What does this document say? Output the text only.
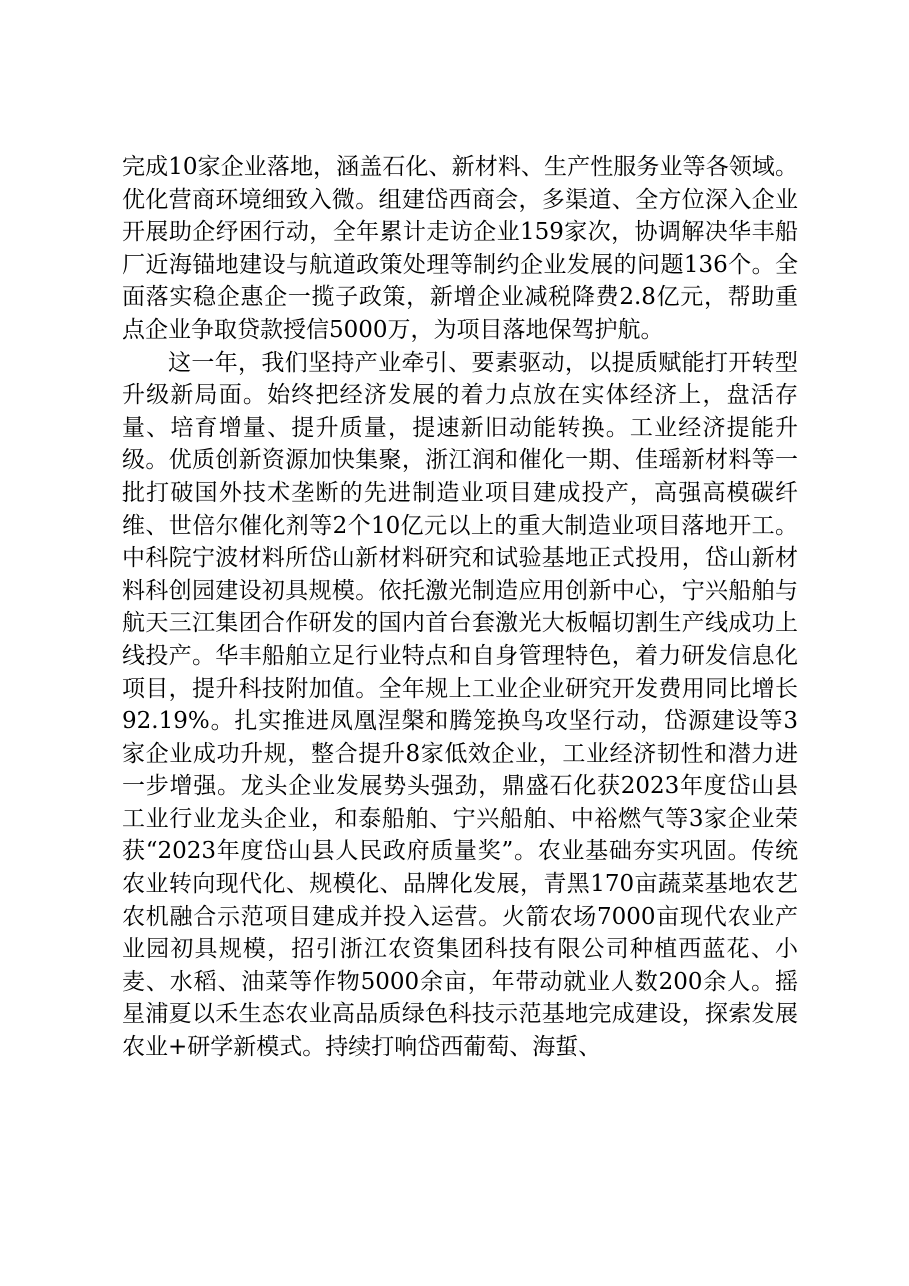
完成10家企业落地，涵盖石化、新材料、生产性服务业等各领域。优化营商环境细致入微。组建岱西商会，多渠道、全方位深入企业开展助企纾困行动，全年累计走访企业159家次，协调解决华丰船厂近海锚地建设与航道政策处理等制约企业发展的问题136个。全面落实稳企惠企一揽子政策，新增企业减税降费2.8亿元，帮助重点企业争取贷款授信5000万，为项目落地保驾护航。

这一年，我们坚持产业牵引、要素驱动，以提质赋能打开转型升级新局面。始终把经济发展的着力点放在实体经济上，盘活存量、培育增量、提升质量，提速新旧动能转换。工业经济提能升级。优质创新资源加快集聚，浙江润和催化一期、佳瑶新材料等一批打破国外技术垄断的先进制造业项目建成投产，高强高模碳纤维、世倍尔催化剂等2个10亿元以上的重大制造业项目落地开工。中科院宁波材料所岱山新材料研究和试验基地正式投用，岱山新材料科创园建设初具规模。依托激光制造应用创新中心，宁兴船舶与航天三江集团合作研发的国内首台套激光大板幅切割生产线成功上线投产。华丰船舶立足行业特点和自身管理特色，着力研发信息化项目，提升科技附加值。全年规上工业企业研究开发费用同比增长92.19%。扎实推进凤凰涅槃和腾笼换鸟攻坚行动，岱源建设等3家企业成功升规，整合提升8家低效企业，工业经济韧性和潜力进一步增强。龙头企业发展势头强劲，鼎盛石化获2023年度岱山县工业行业龙头企业，和泰船舶、宁兴船舶、中裕燃气等3家企业荣获“2023年度岱山县人民政府质量奖”。农业基础夯实巩固。传统农业转向现代化、规模化、品牌化发展，青黑170亩蔬菜基地农艺农机融合示范项目建成并投入运营。火箭农场7000亩现代农业产业园初具规模，招引浙江农资集团科技有限公司种植西蓝花、小麦、水稻、油菜等作物5000余亩，年带动就业人数200余人。摇星浦夏以禾生态农业高品质绿色科技示范基地完成建设，探索发展农业+研学新模式。持续打响岱西葡萄、海蜇、
